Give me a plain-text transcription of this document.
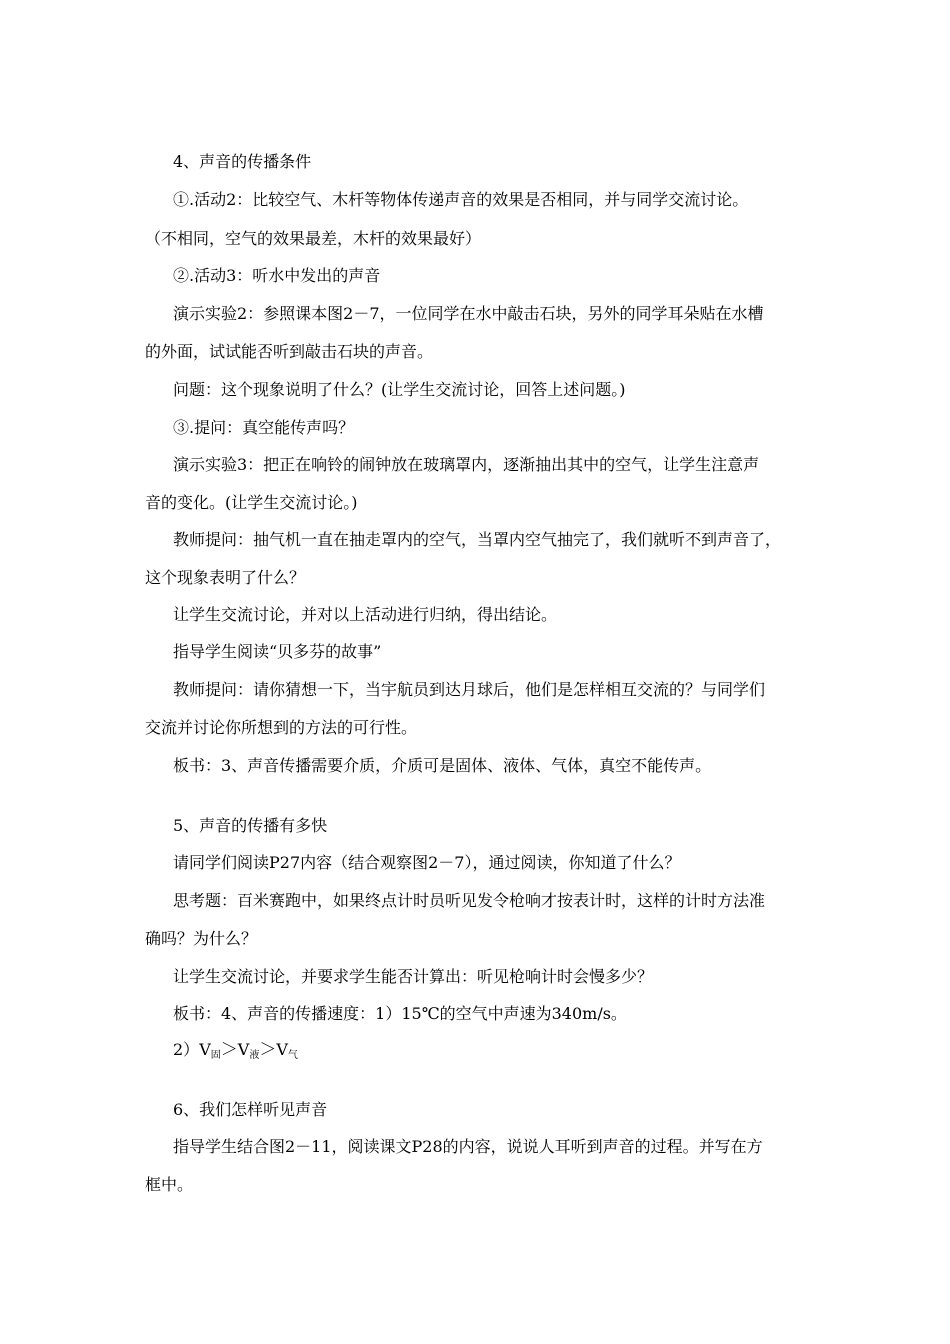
4、声音的传播条件
①.活动2：比较空气、木杆等物体传递声音的效果是否相同，并与同学交流讨论。
（不相同，空气的效果最差，木杆的效果最好）
②.活动3：听水中发出的声音
演示实验2：参照课本图2－7，一位同学在水中敲击石块，另外的同学耳朵贴在水槽
的外面，试试能否听到敲击石块的声音。
问题：这个现象说明了什么？(让学生交流讨论，回答上述问题。)
③.提问：真空能传声吗？
演示实验3：把正在响铃的闹钟放在玻璃罩内，逐渐抽出其中的空气，让学生注意声
音的变化。(让学生交流讨论。)
教师提问：抽气机一直在抽走罩内的空气，当罩内空气抽完了，我们就听不到声音了，
这个现象表明了什么？
让学生交流讨论，并对以上活动进行归纳，得出结论。
指导学生阅读“贝多芬的故事”
教师提问：请你猜想一下，当宇航员到达月球后，他们是怎样相互交流的？与同学们
交流并讨论你所想到的方法的可行性。
板书：3、声音传播需要介质，介质可是固体、液体、气体，真空不能传声。
5、声音的传播有多快
请同学们阅读P27内容（结合观察图2－7），通过阅读，你知道了什么？
思考题：百米赛跑中，如果终点计时员听见发令枪响才按表计时，这样的计时方法准
确吗？为什么？
让学生交流讨论，并要求学生能否计算出：听见枪响计时会慢多少？
板书：4、声音的传播速度：1）15℃的空气中声速为340m/s。
2）V固＞V液＞V气
6、我们怎样听见声音
指导学生结合图2－11，阅读课文P28的内容，说说人耳听到声音的过程。并写在方
框中。
